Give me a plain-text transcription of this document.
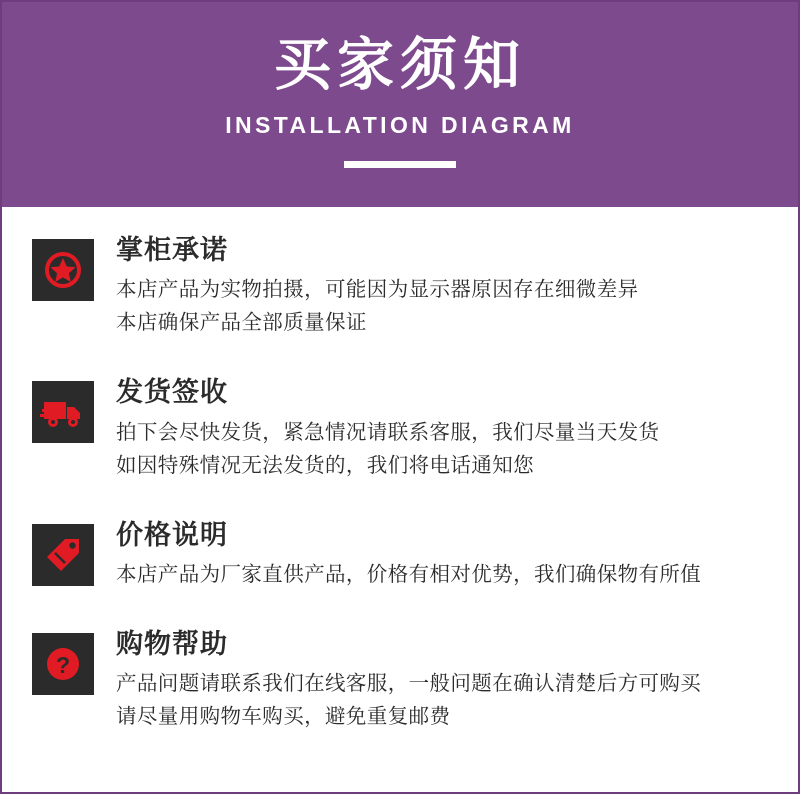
买家须知
INSTALLATION DIAGRAM
掌柜承诺
本店产品为实物拍摄，可能因为显示器原因存在细微差异
本店确保产品全部质量保证
发货签收
拍下会尽快发货，紧急情况请联系客服，我们尽量当天发货
如因特殊情况无法发货的，我们将电话通知您
价格说明
本店产品为厂家直供产品，价格有相对优势，我们确保物有所值
?
购物帮助
产品问题请联系我们在线客服，一般问题在确认清楚后方可购买
请尽量用购物车购买，避免重复邮费
